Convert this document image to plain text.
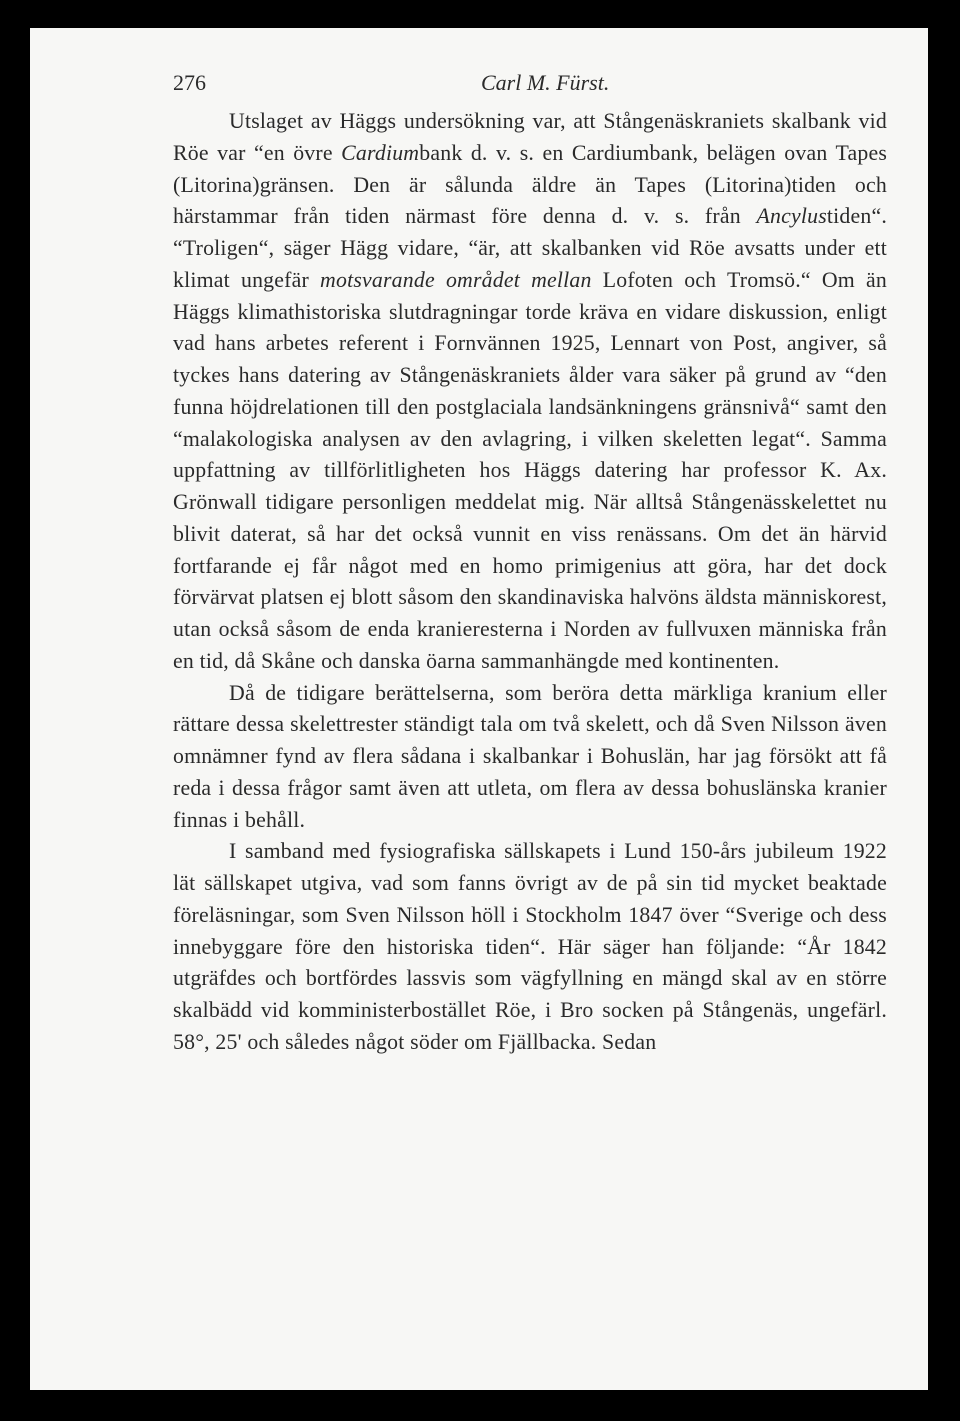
276	Carl M. Fürst.

Utslaget av Häggs undersökning var, att Stångenäskraniets skalbank vid Röe var “en övre Cardiumbank d. v. s. en Cardiumbank, belägen ovan Tapes (Litorina)gränsen. Den är sålunda äldre än Tapes (Litorina)tiden och härstammar från tiden närmast före denna d. v. s. från Ancylustiden“. “Troligen“, säger Hägg vidare, “är, att skalbanken vid Röe avsatts under ett klimat ungefär motsvarande området mellan Lofoten och Tromsö.“ Om än Häggs klimathistoriska slutdragningar torde kräva en vidare diskussion, enligt vad hans arbetes referent i Fornvännen 1925, Lennart von Post, angiver, så tyckes hans datering av Stångenäskraniets ålder vara säker på grund av “den funna höjdrelationen till den postglaciala landsänkningens gränsnivå“ samt den “malakologiska analysen av den avlagring, i vilken skeletten legat“. Samma uppfattning av tillförlitligheten hos Häggs datering har professor K. Ax. Grönwall tidigare personligen meddelat mig. När alltså Stångenässkelettet nu blivit daterat, så har det också vunnit en viss renässans. Om det än härvid fortfarande ej får något med en homo primigenius att göra, har det dock förvärvat platsen ej blott såsom den skandinaviska halvöns äldsta människorest, utan också såsom de enda kranieresterna i Norden av fullvuxen människa från en tid, då Skåne och danska öarna sammanhängde med kontinenten.

Då de tidigare berättelserna, som beröra detta märkliga kranium eller rättare dessa skelettrester ständigt tala om två skelett, och då Sven Nilsson även omnämner fynd av flera sådana i skalbankar i Bohuslän, har jag försökt att få reda i dessa frågor samt även att utleta, om flera av dessa bohuslänska kranier finnas i behåll.

I samband med fysiografiska sällskapets i Lund 150-års jubileum 1922 lät sällskapet utgiva, vad som fanns övrigt av de på sin tid mycket beaktade föreläsningar, som Sven Nilsson höll i Stockholm 1847 över “Sverige och dess innebyggare före den historiska tiden“. Här säger han följande: “År 1842 utgräfdes och bortfördes lassvis som vägfyllning en mängd skal av en större skalbädd vid komministerbostället Röe, i Bro socken på Stångenäs, ungefärl. 58°, 25' och således något söder om Fjällbacka. Sedan
